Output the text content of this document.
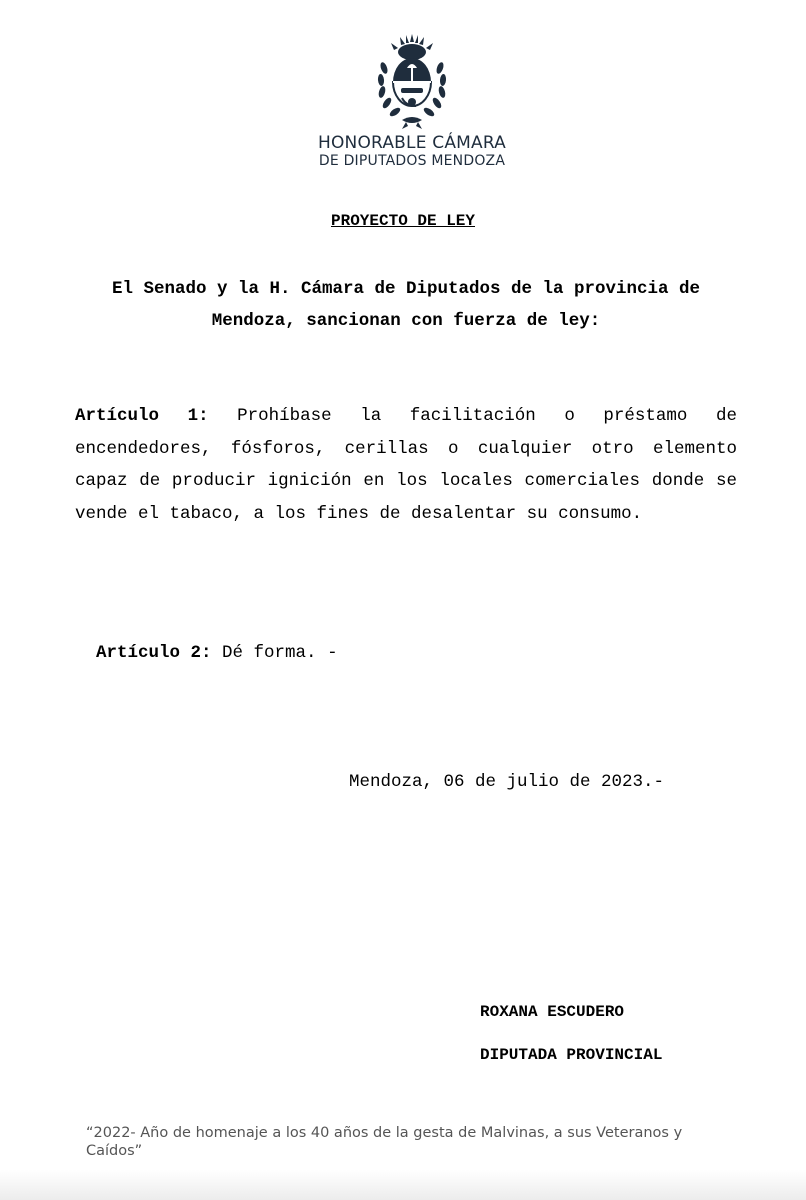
HONORABLE CÁMARA
DE DIPUTADOS MENDOZA
PROYECTO DE LEY
El Senado y la H. Cámara de Diputados de la provincia de Mendoza, sancionan con fuerza de ley:
Artículo 1: Prohíbase la facilitación o préstamo de encendedores, fósforos, cerillas o cualquier otro elemento capaz de producir ignición en los locales comerciales donde se vende el tabaco, a los fines de desalentar su consumo.
Artículo 2: Dé forma. -
Mendoza, 06 de julio de 2023.-
ROXANA ESCUDERO
DIPUTADA PROVINCIAL
“2022- Año de homenaje a los 40 años de la gesta de Malvinas, a sus Veteranos y Caídos”
